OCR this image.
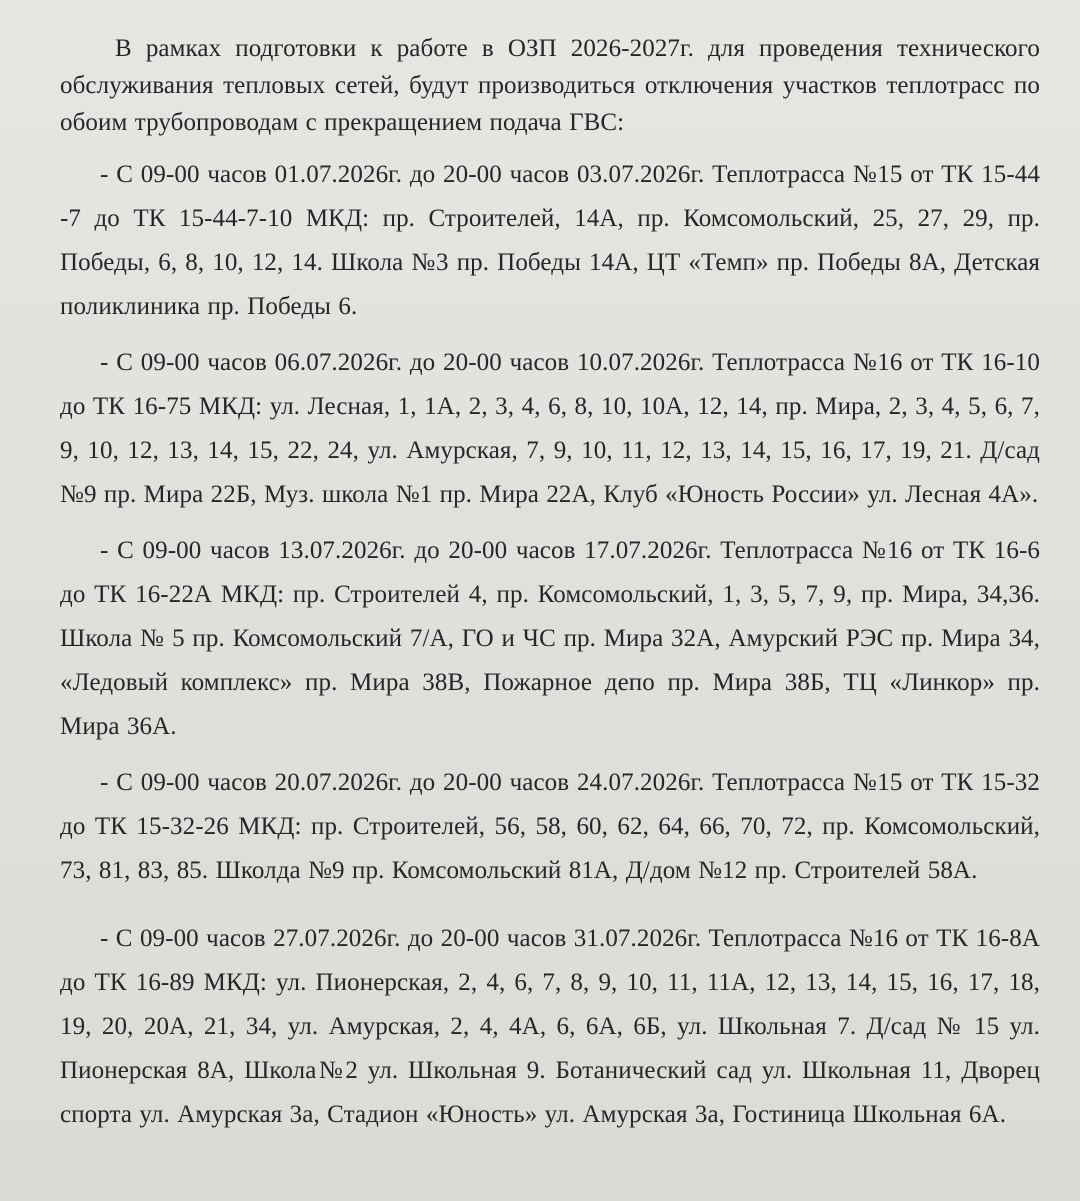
В рамках подготовки к работе в ОЗП 2026-2027г. для проведения технического обслуживания тепловых сетей, будут производиться отключения участков теплотрасс по обоим трубопроводам с прекращением подача ГВС:

- С 09-00 часов 01.07.2026г. до 20-00 часов 03.07.2026г. Теплотрасса №15 от ТК 15-44 -7 до ТК 15-44-7-10 МКД: пр. Строителей, 14А, пр. Комсомольский, 25, 27, 29, пр. Победы, 6, 8, 10, 12, 14. Школа №3 пр. Победы 14А, ЦТ «Темп» пр. Победы 8А, Детская поликлиника пр. Победы 6.

- С 09-00 часов 06.07.2026г. до 20-00 часов 10.07.2026г. Теплотрасса №16 от ТК 16-10 до ТК 16-75 МКД: ул. Лесная, 1, 1А, 2, 3, 4, 6, 8, 10, 10А, 12, 14, пр. Мира, 2, 3, 4, 5, 6, 7, 9, 10, 12, 13, 14, 15, 22, 24, ул. Амурская, 7, 9, 10, 11, 12, 13, 14, 15, 16, 17, 19, 21. Д/сад №9 пр. Мира 22Б, Муз. школа №1 пр. Мира 22А, Клуб «Юность России» ул. Лесная 4А».

- С 09-00 часов 13.07.2026г. до 20-00 часов 17.07.2026г. Теплотрасса №16 от ТК 16-6 до ТК 16-22А МКД: пр. Строителей 4, пр. Комсомольский, 1, 3, 5, 7, 9, пр. Мира, 34,36. Школа № 5 пр. Комсомольский 7/А, ГО и ЧС пр. Мира 32А, Амурский РЭС пр. Мира 34, «Ледовый комплекс» пр. Мира 38В, Пожарное депо пр. Мира 38Б, ТЦ «Линкор» пр. Мира 36А.

- С 09-00 часов 20.07.2026г. до 20-00 часов 24.07.2026г. Теплотрасса №15 от ТК 15-32 до ТК 15-32-26 МКД: пр. Строителей, 56, 58, 60, 62, 64, 66, 70, 72, пр. Комсомольский, 73, 81, 83, 85. Школда №9 пр. Комсомольский 81А, Д/дом №12 пр. Строителей 58А.

- С 09-00 часов 27.07.2026г. до 20-00 часов 31.07.2026г. Теплотрасса №16 от ТК 16-8А до ТК 16-89 МКД: ул. Пионерская, 2, 4, 6, 7, 8, 9, 10, 11, 11А, 12, 13, 14, 15, 16, 17, 18, 19, 20, 20А, 21, 34, ул. Амурская, 2, 4, 4А, 6, 6А, 6Б, ул. Школьная 7. Д/сад № 15 ул. Пионерская 8А, Школа№2 ул. Школьная 9. Ботанический сад ул. Школьная 11, Дворец спорта ул. Амурская 3а, Стадион «Юность» ул. Амурская 3а, Гостиница Школьная 6А.
